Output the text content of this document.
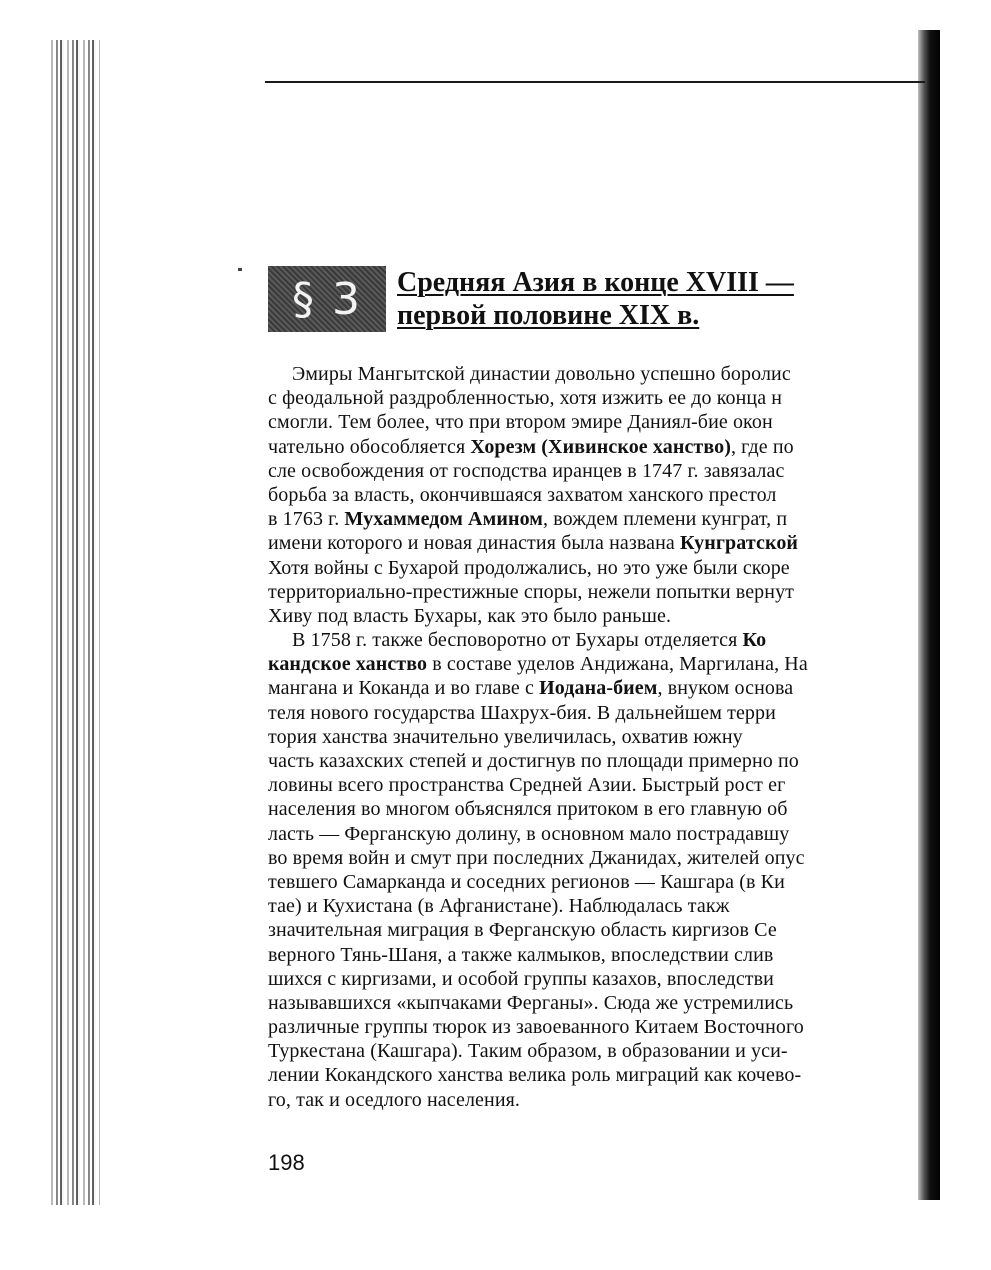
§ 3 Средняя Азия в конце XVIII —
первой половине XIX в.
Эмиры Мангытской династии довольно успешно боролис
с феодальной раздробленностью, хотя изжить ее до конца н
смогли. Тем более, что при втором эмире Даниял-бие окон
чательно обособляется Хорезм (Хивинское ханство), где по
сле освобождения от господства иранцев в 1747 г. завязалас
борьба за власть, окончившаяся захватом ханского престол
в 1763 г. Мухаммедом Амином, вождем племени кунграт, п
имени которого и новая династия была названа Кунгратской
Хотя войны с Бухарой продолжались, но это уже были скоре
территориально-престижные споры, нежели попытки вернут
Хиву под власть Бухары, как это было раньше.
В 1758 г. также бесповоротно от Бухары отделяется Ко
кандское ханство в составе уделов Андижана, Маргилана, На
мангана и Коканда и во главе с Иодана-бием, внуком основа
теля нового государства Шахрух-бия. В дальнейшем терри
тория ханства значительно увеличилась, охватив южну
часть казахских степей и достигнув по площади примерно по
ловины всего пространства Средней Азии. Быстрый рост ег
населения во многом объяснялся притоком в его главную об
ласть — Ферганскую долину, в основном мало пострадавшу
во время войн и смут при последних Джанидах, жителей опус
тевшего Самарканда и соседних регионов — Кашгара (в Ки
тае) и Кухистана (в Афганистане). Наблюдалась такж
значительная миграция в Ферганскую область киргизов Се
верного Тянь-Шаня, а также калмыков, впоследствии слив
шихся с киргизами, и особой группы казахов, впоследстви
называвшихся «кыпчаками Ферганы». Сюда же устремились
различные группы тюрок из завоеванного Китаем Восточного
Туркестана (Кашгара). Таким образом, в образовании и уси-
лении Кокандского ханства велика роль миграций как кочево-
го, так и оседлого населения.
198
